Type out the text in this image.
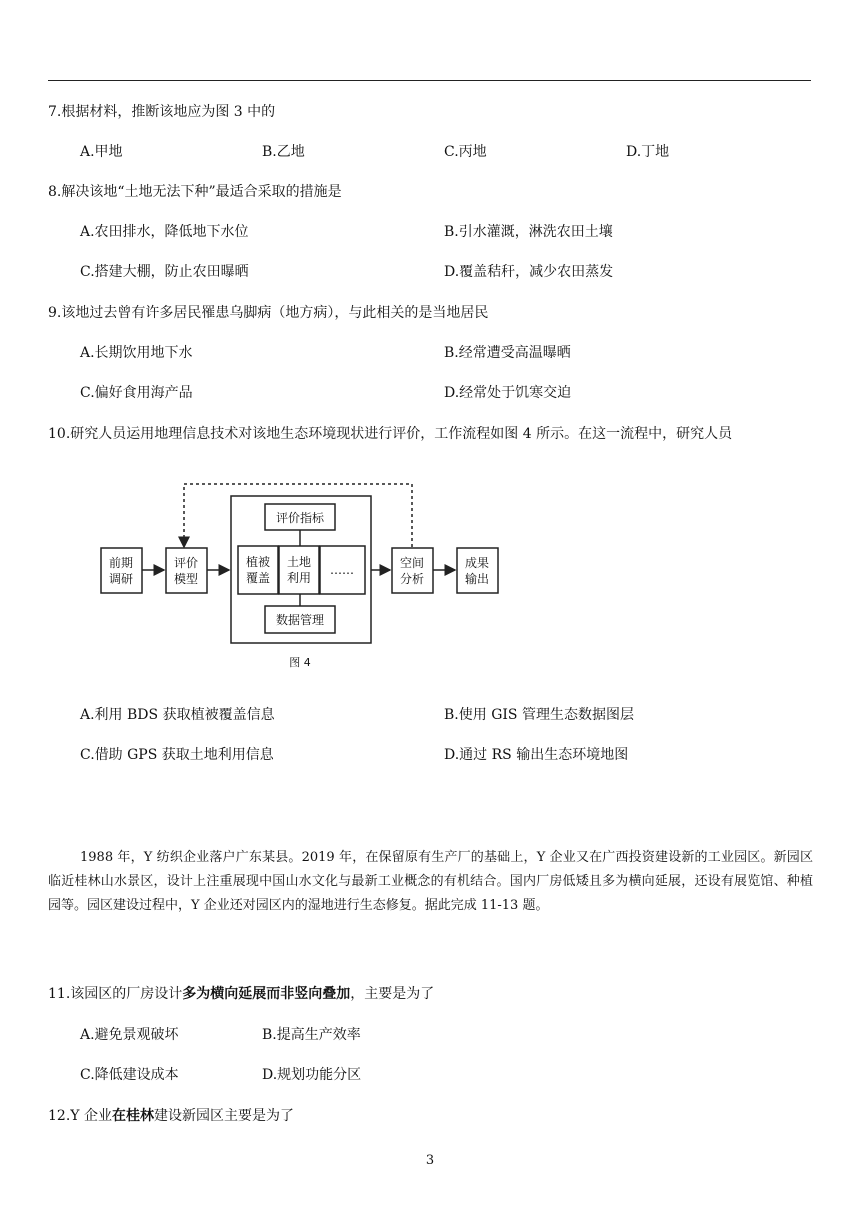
7.根据材料，推断该地应为图 3 中的
A.甲地	B.乙地	C.丙地	D.丁地
8.解决该地“土地无法下种”最适合采取的措施是
A.农田排水，降低地下水位	B.引水灌溉，淋洗农田土壤
C.搭建大棚，防止农田曝晒	D.覆盖秸秆，减少农田蒸发
9.该地过去曾有许多居民罹患乌脚病（地方病），与此相关的是当地居民
A.长期饮用地下水	B.经常遭受高温曝晒
C.偏好食用海产品	D.经常处于饥寒交迫
10.研究人员运用地理信息技术对该地生态环境现状进行评价，工作流程如图 4 所示。在这一流程中，研究人员
前期
调研
评价
模型
评价指标
植被
覆盖
土地
利用
……
数据管理
空间
分析
成果
输出
图 4
A.利用 BDS 获取植被覆盖信息	B.使用 GIS 管理生态数据图层
C.借助 GPS 获取土地利用信息	D.通过 RS 输出生态环境地图
1988 年，Y 纺织企业落户广东某县。2019 年，在保留原有生产厂的基础上，Y 企业又在广西投资建设新的工业园区。新园区临近桂林山水景区，设计上注重展现中国山水文化与最新工业概念的有机结合。国内厂房低矮且多为横向延展，还设有展览馆、种植园等。园区建设过程中，Y 企业还对园区内的湿地进行生态修复。据此完成 11-13 题。
11.该园区的厂房设计多为横向延展而非竖向叠加，主要是为了
A.避免景观破坏	B.提高生产效率
C.降低建设成本	D.规划功能分区
12.Y 企业在桂林建设新园区主要是为了
3
